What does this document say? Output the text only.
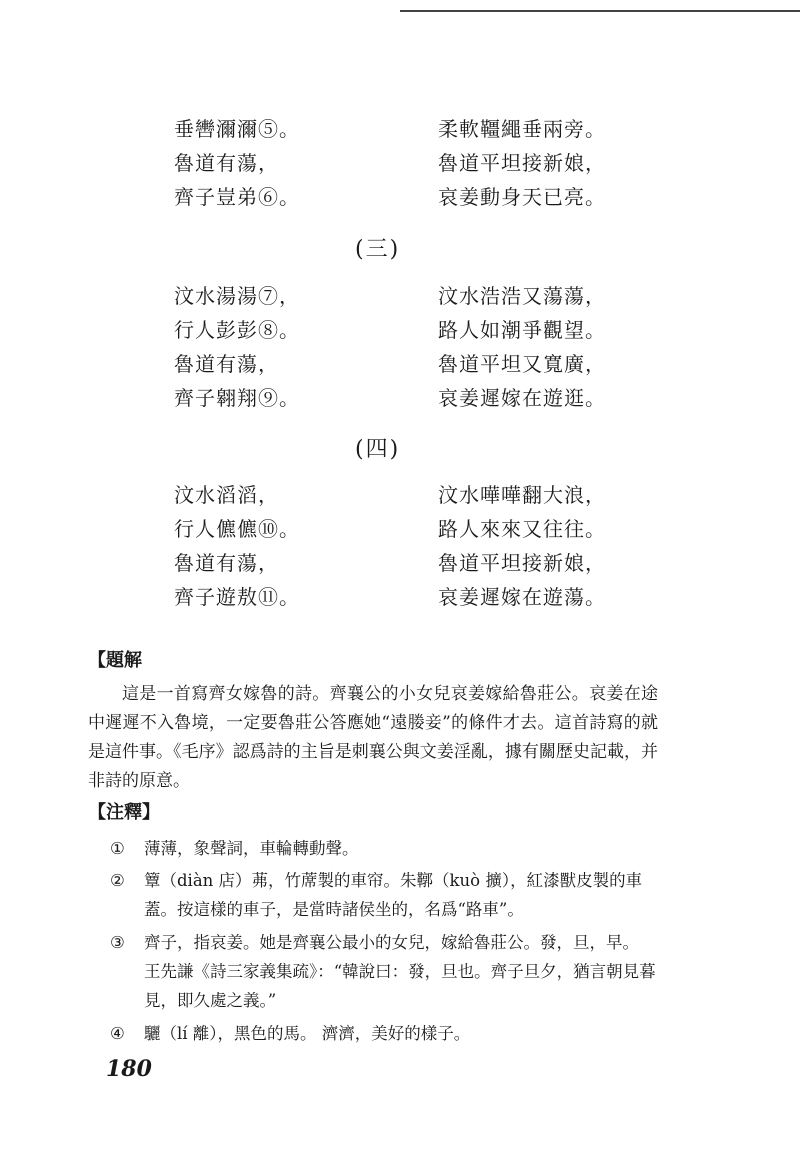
垂轡濔濔⑤。	柔軟韁繩垂兩旁。
魯道有蕩，	魯道平坦接新娘，
齊子豈弟⑥。	哀姜動身天已亮。
(三)
汶水湯湯⑦，	汶水浩浩又蕩蕩，
行人彭彭⑧。	路人如潮爭觀望。
魯道有蕩，	魯道平坦又寬廣，
齊子翱翔⑨。	哀姜遲嫁在遊逛。
(四)
汶水滔滔，	汶水嘩嘩翻大浪，
行人儦儦⑩。	路人來來又往往。
魯道有蕩，	魯道平坦接新娘，
齊子遊敖⑪。	哀姜遲嫁在遊蕩。
【題解
這是一首寫齊女嫁魯的詩。齊襄公的小女兒哀姜嫁給魯莊公。哀姜在途中遲遲不入魯境，一定要魯莊公答應她“遠媵妾”的條件才去。這首詩寫的就是這件事。《毛序》認爲詩的主旨是刺襄公與文姜淫亂，據有關歷史記載，并非詩的原意。
【注釋】
① 薄薄，象聲詞，車輪轉動聲。
② 簟（diàn 店）茀，竹蓆製的車帘。朱鞹（kuò 擴），紅漆獸皮製的車
蓋。按這樣的車子，是當時諸侯坐的，名爲“路車”。
③ 齊子，指哀姜。她是齊襄公最小的女兒，嫁給魯莊公。發，旦，早。
王先謙《詩三家義集疏》：“韓說曰：發，旦也。齊子旦夕，猶言朝見暮
見，即久處之義。”
④ 驪（lí 離），黑色的馬。 濟濟，美好的樣子。
180
